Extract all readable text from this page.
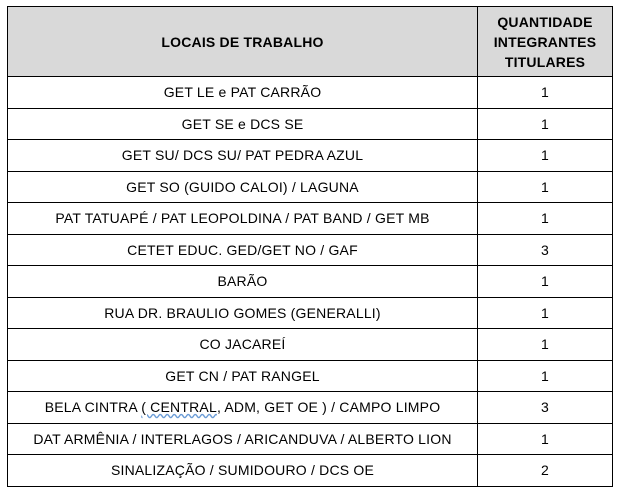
LOCAIS DE TRABALHO	QUANTIDADE
INTEGRANTES
TITULARES

GET LE e PAT CARRÃO	1
GET SE e DCS SE	1
GET SU/ DCS SU/ PAT PEDRA AZUL	1
GET SO (GUIDO CALOI) / LAGUNA	1
PAT TATUAPÉ / PAT LEOPOLDINA / PAT BAND / GET MB	1
CETET EDUC. GED/GET NO / GAF	3
BARÃO	1
RUA DR. BRAULIO GOMES (GENERALLI)	1
CO JACAREÍ	1
GET CN / PAT RANGEL	1
BELA CINTRA ( CENTRAL, ADM, GET OE ) / CAMPO LIMPO	3
DAT ARMÊNIA / INTERLAGOS / ARICANDUVA / ALBERTO LION	1
SINALIZAÇÃO / SUMIDOURO / DCS OE	2
